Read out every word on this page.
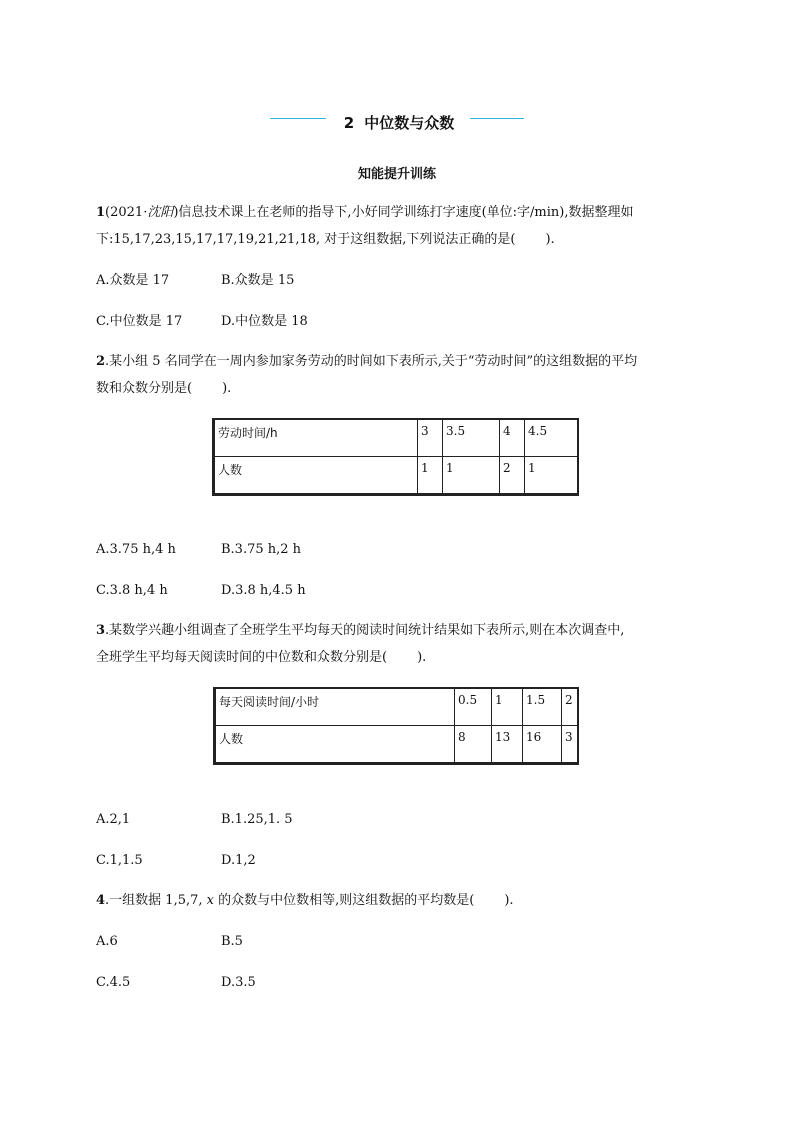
2 中位数与众数
知能提升训练
1(2021·沈阳)信息技术课上在老师的指导下,小好同学训练打字速度(单位:字/min),数据整理如
下:15,17,23,15,17,17,19,21,21,18, 对于这组数据,下列说法正确的是( ).
A.众数是 17	B.众数是 15
C.中位数是 17	D.中位数是 18
2.某小组 5 名同学在一周内参加家务劳动的时间如下表所示,关于“劳动时间”的这组数据的平均
数和众数分别是( ).
劳动时间/h	3	3.5	4	4.5
人数	1	1	2	1
A.3.75 h,4 h	B.3.75 h,2 h
C.3.8 h,4 h	D.3.8 h,4.5 h
3.某数学兴趣小组调查了全班学生平均每天的阅读时间统计结果如下表所示,则在本次调查中,
全班学生平均每天阅读时间的中位数和众数分别是( ).
每天阅读时间/小时	0.5	1	1.5	2
人数	8	13	16	3
A.2,1	B.1.25,1. 5
C.1,1.5	D.1,2
4.一组数据 1,5,7, x 的众数与中位数相等,则这组数据的平均数是( ).
A.6	B.5
C.4.5	D.3.5
